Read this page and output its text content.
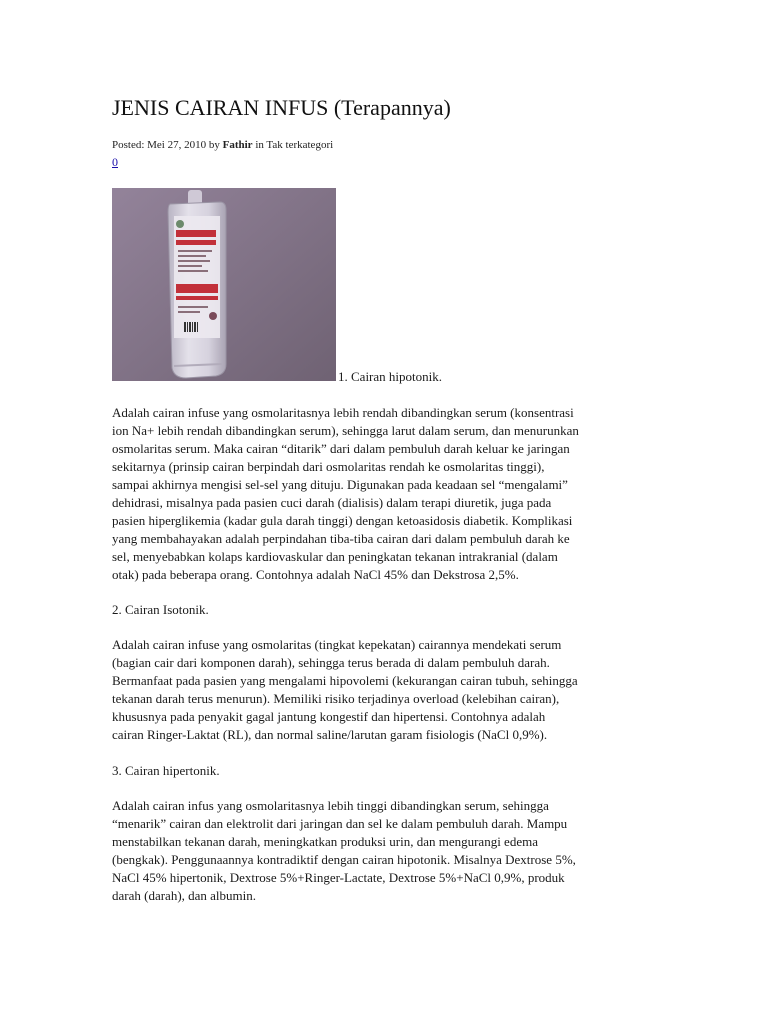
JENIS CAIRAN INFUS (Terapannya)
Posted: Mei 27, 2010 by Fathir in Tak terkategori
0
1. Cairan hipotonik.

Adalah cairan infuse yang osmolaritasnya lebih rendah dibandingkan serum (konsentrasi
ion Na+ lebih rendah dibandingkan serum), sehingga larut dalam serum, dan menurunkan
osmolaritas serum. Maka cairan “ditarik” dari dalam pembuluh darah keluar ke jaringan
sekitarnya (prinsip cairan berpindah dari osmolaritas rendah ke osmolaritas tinggi),
sampai akhirnya mengisi sel-sel yang dituju. Digunakan pada keadaan sel “mengalami”
dehidrasi, misalnya pada pasien cuci darah (dialisis) dalam terapi diuretik, juga pada
pasien hiperglikemia (kadar gula darah tinggi) dengan ketoasidosis diabetik. Komplikasi
yang membahayakan adalah perpindahan tiba-tiba cairan dari dalam pembuluh darah ke
sel, menyebabkan kolaps kardiovaskular dan peningkatan tekanan intrakranial (dalam
otak) pada beberapa orang. Contohnya adalah NaCl 45% dan Dekstrosa 2,5%.

2. Cairan Isotonik.

Adalah cairan infuse yang osmolaritas (tingkat kepekatan) cairannya mendekati serum
(bagian cair dari komponen darah), sehingga terus berada di dalam pembuluh darah.
Bermanfaat pada pasien yang mengalami hipovolemi (kekurangan cairan tubuh, sehingga
tekanan darah terus menurun). Memiliki risiko terjadinya overload (kelebihan cairan),
khususnya pada penyakit gagal jantung kongestif dan hipertensi. Contohnya adalah
cairan Ringer-Laktat (RL), dan normal saline/larutan garam fisiologis (NaCl 0,9%).

3. Cairan hipertonik.

Adalah cairan infus yang osmolaritasnya lebih tinggi dibandingkan serum, sehingga
“menarik” cairan dan elektrolit dari jaringan dan sel ke dalam pembuluh darah. Mampu
menstabilkan tekanan darah, meningkatkan produksi urin, dan mengurangi edema
(bengkak). Penggunaannya kontradiktif dengan cairan hipotonik. Misalnya Dextrose 5%,
NaCl 45% hipertonik, Dextrose 5%+Ringer-Lactate, Dextrose 5%+NaCl 0,9%, produk
darah (darah), dan albumin.
